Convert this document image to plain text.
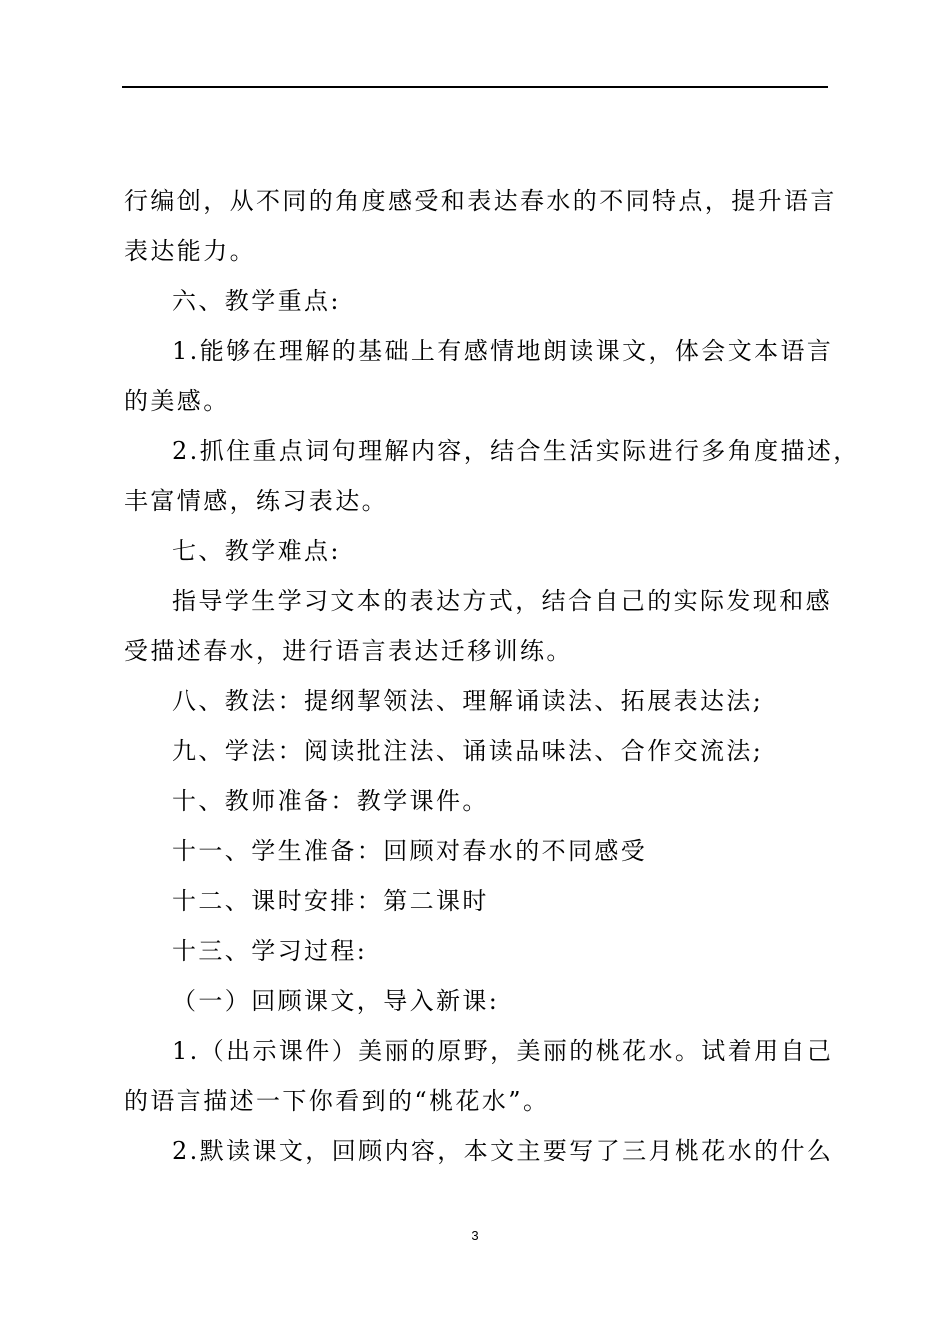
行编创，从不同的角度感受和表达春水的不同特点，提升语言
表达能力。
六、教学重点:
1.能够在理解的基础上有感情地朗读课文，体会文本语言
的美感。
2.抓住重点词句理解内容，结合生活实际进行多角度描述，
丰富情感，练习表达。
七、教学难点:
指导学生学习文本的表达方式，结合自己的实际发现和感
受描述春水，进行语言表达迁移训练。
八、教法：提纲挈领法、理解诵读法、拓展表达法;
九、学法：阅读批注法、诵读品味法、合作交流法;
十、教师准备：教学课件。
十一、学生准备：回顾对春水的不同感受
十二、课时安排：第二课时
十三、学习过程:
（一）回顾课文，导入新课:
1.（出示课件）美丽的原野，美丽的桃花水。试着用自己
的语言描述一下你看到的“桃花水”。
2.默读课文，回顾内容，本文主要写了三月桃花水的什么
3
